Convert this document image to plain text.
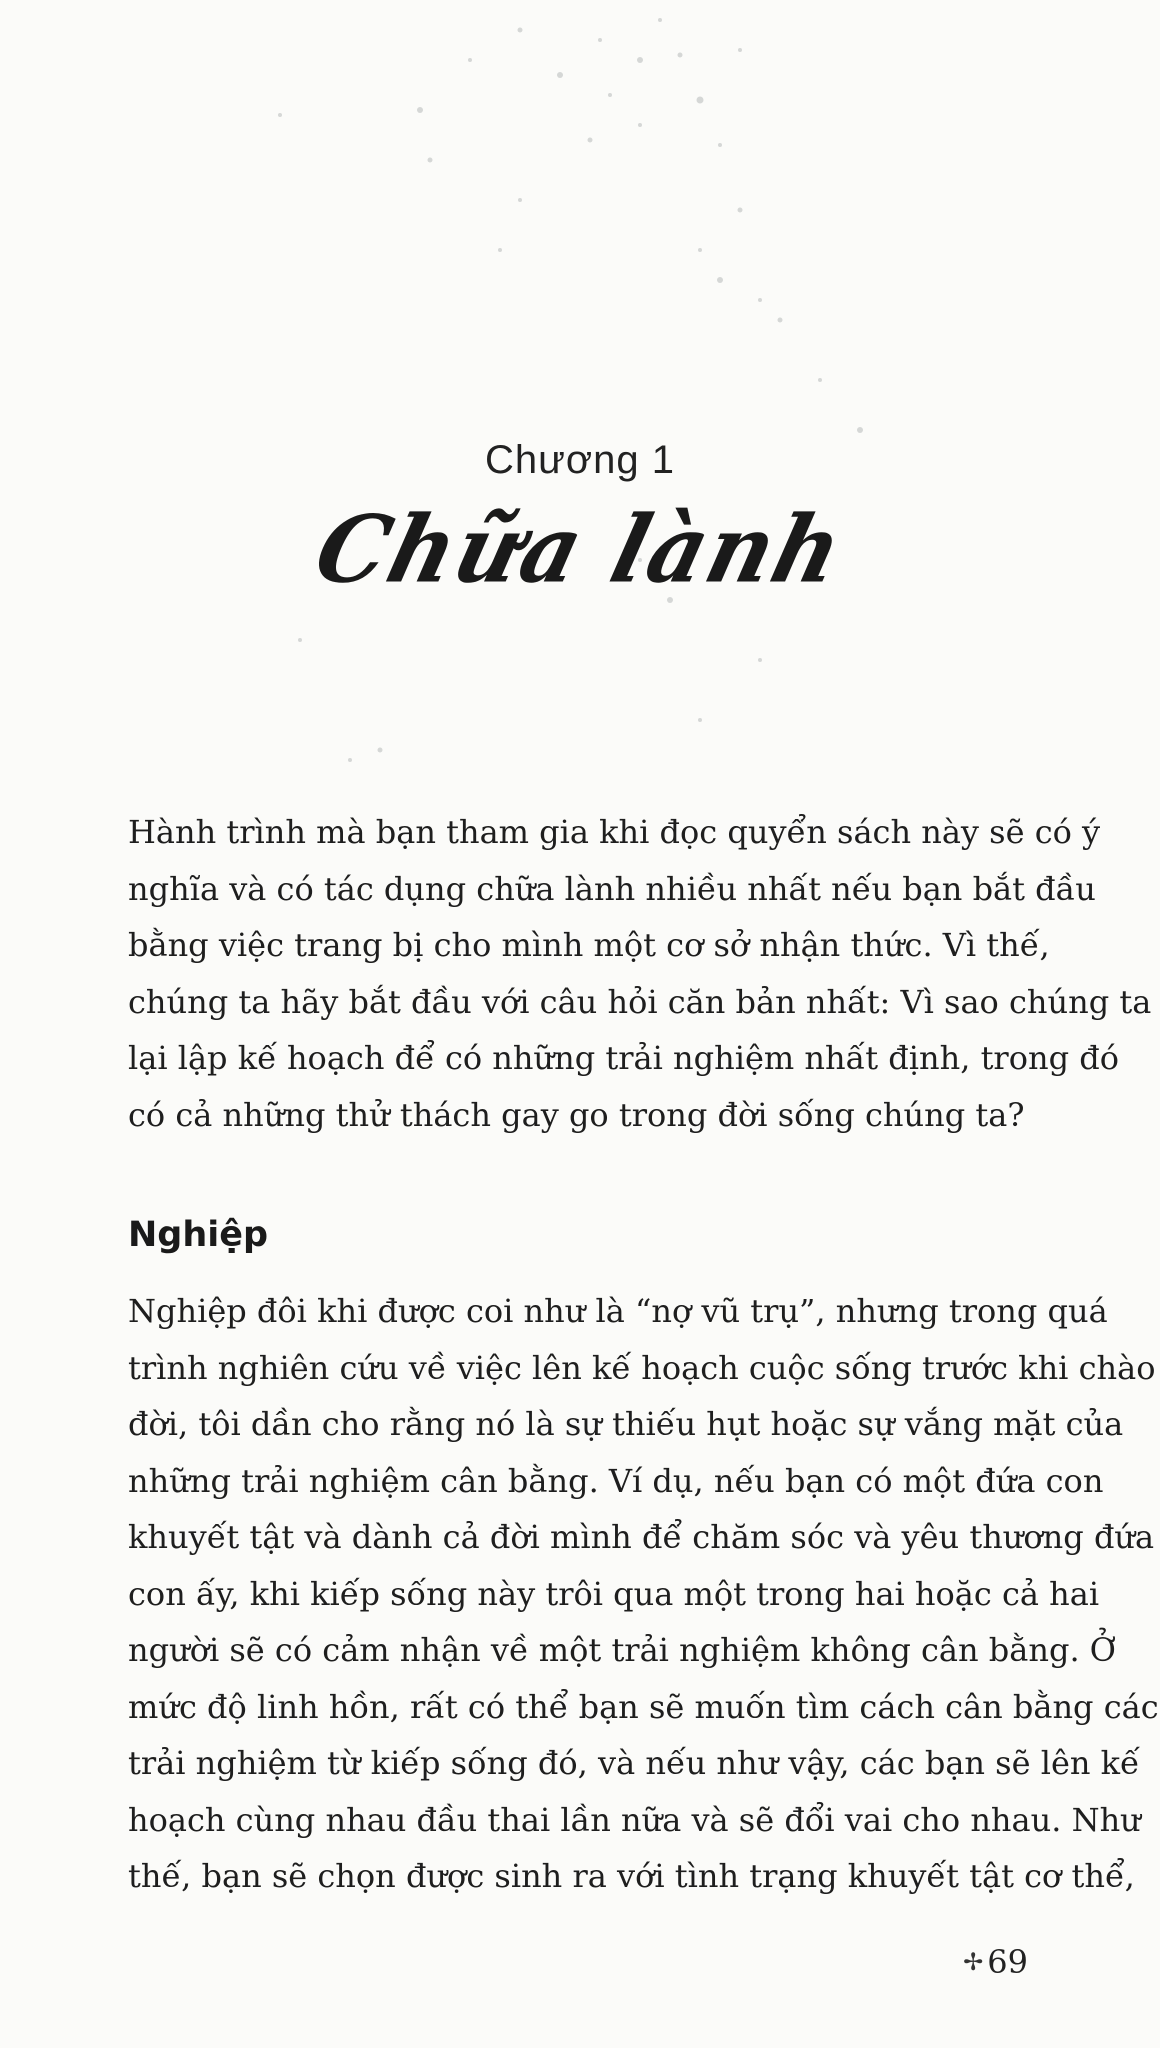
Chương 1

Chữa lành

Hành trình mà bạn tham gia khi đọc quyển sách này sẽ có ý
nghĩa và có tác dụng chữa lành nhiều nhất nếu bạn bắt đầu
bằng việc trang bị cho mình một cơ sở nhận thức. Vì thế,
chúng ta hãy bắt đầu với câu hỏi căn bản nhất: Vì sao chúng ta
lại lập kế hoạch để có những trải nghiệm nhất định, trong đó
có cả những thử thách gay go trong đời sống chúng ta?

Nghiệp

Nghiệp đôi khi được coi như là “nợ vũ trụ”, nhưng trong quá
trình nghiên cứu về việc lên kế hoạch cuộc sống trước khi chào
đời, tôi dần cho rằng nó là sự thiếu hụt hoặc sự vắng mặt của
những trải nghiệm cân bằng. Ví dụ, nếu bạn có một đứa con
khuyết tật và dành cả đời mình để chăm sóc và yêu thương đứa
con ấy, khi kiếp sống này trôi qua một trong hai hoặc cả hai
người sẽ có cảm nhận về một trải nghiệm không cân bằng. Ở
mức độ linh hồn, rất có thể bạn sẽ muốn tìm cách cân bằng các
trải nghiệm từ kiếp sống đó, và nếu như vậy, các bạn sẽ lên kế
hoạch cùng nhau đầu thai lần nữa và sẽ đổi vai cho nhau. Như
thế, bạn sẽ chọn được sinh ra với tình trạng khuyết tật cơ thể,

✢ 69
